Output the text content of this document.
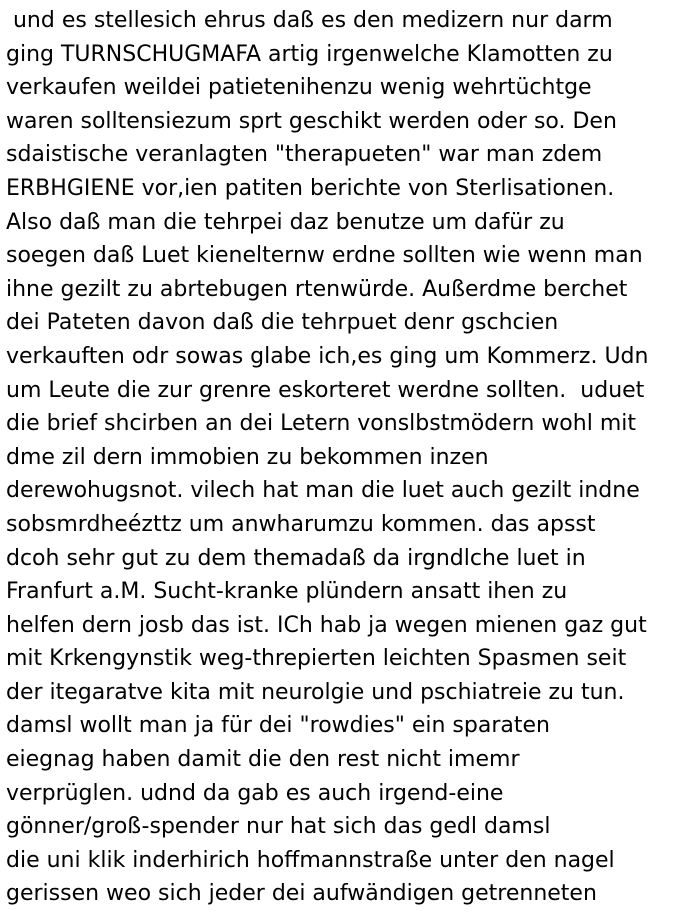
und es stellesich ehrus daß es den medizern nur darm
ging TURNSCHUGMAFA artig irgenwelche Klamotten zu
verkaufen weildei patietenihenzu wenig wehrtüchtge
waren solltensiezum sprt geschikt werden oder so. Den
sdaistische veranlagten "therapueten" war man zdem
ERBHGIENE vor,ien patiten berichte von Sterlisationen.
Also daß man die tehrpei daz benutze um dafür zu
soegen daß Luet kienelternw erdne sollten wie wenn man
ihne gezilt zu abrtebugen rtenwürde. Außerdme berchet
dei Pateten davon daß die tehrpuet denr gschcien
verkauften odr sowas glabe ich,es ging um Kommerz. Udn
um Leute die zur grenre eskorteret werdne sollten.  uduet
die brief shcirben an dei Letern vonslbstmödern wohl mit
dme zil dern immobien zu bekommen inzen
derewohugsnot. vilech hat man die luet auch gezilt indne
sobsmrdheézttz um anwharumzu kommen. das apsst
dcoh sehr gut zu dem themadaß da irgndlche luet in
Franfurt a.M. Sucht-kranke plündern ansatt ihen zu
helfen dern josb das ist. ICh hab ja wegen mienen gaz gut
mit Krkengynstik weg-threpierten leichten Spasmen seit
der itegaratve kita mit neurolgie und pschiatreie zu tun.
damsl wollt man ja für dei "rowdies" ein sparaten
eiegnag haben damit die den rest nicht imemr
verprüglen. udnd da gab es auch irgend-eine
gönner/groß-spender nur hat sich das gedl damsl
die uni klik inderhirich hoffmannstraße unter den nagel
gerissen weo sich jeder dei aufwändigen getrenneten
